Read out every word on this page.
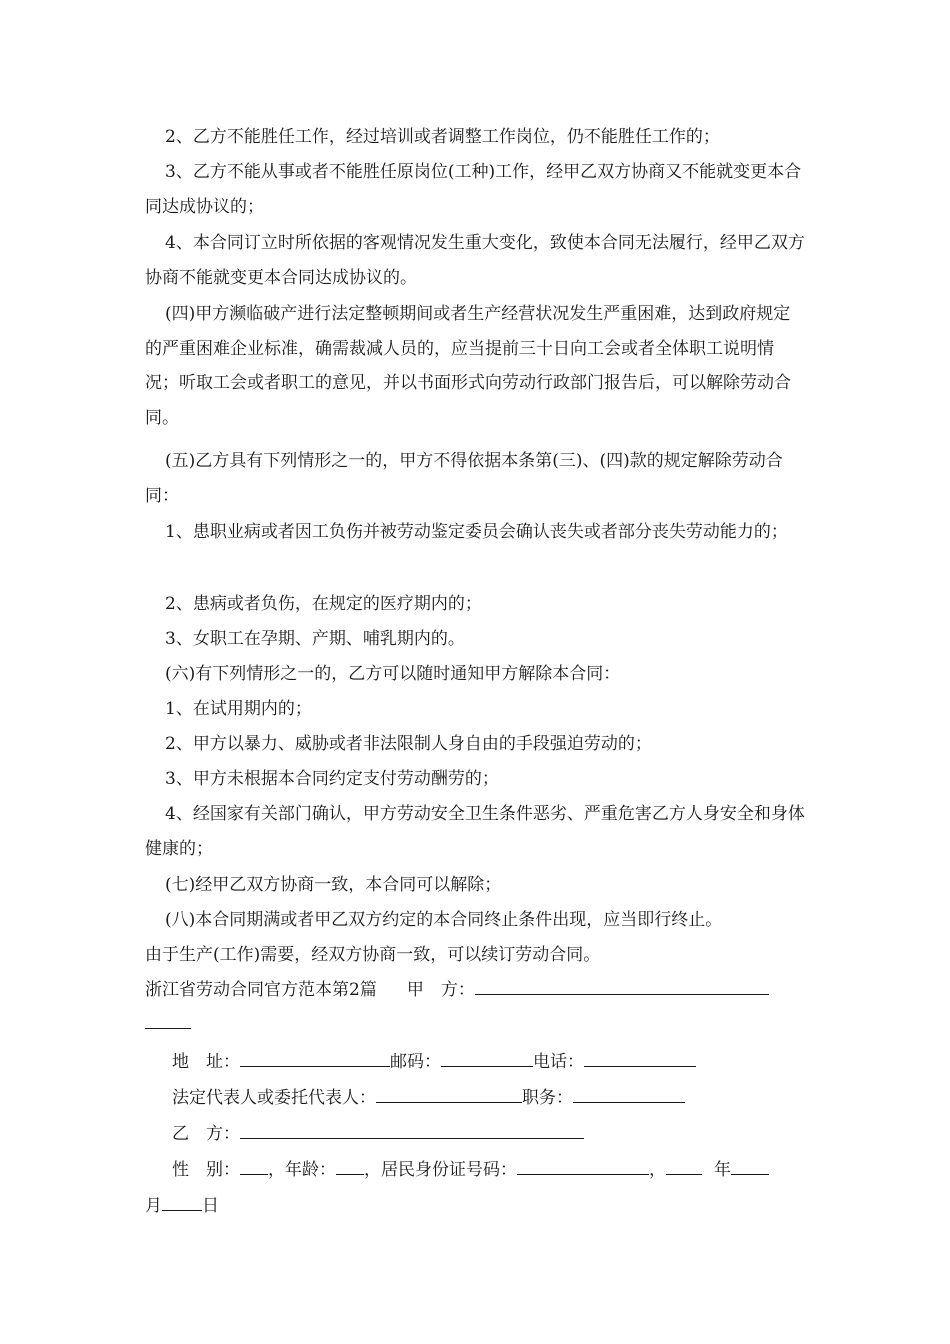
2、乙方不能胜任工作，经过培训或者调整工作岗位，仍不能胜任工作的；

3、乙方不能从事或者不能胜任原岗位(工种)工作，经甲乙双方协商又不能就变更本合同达成协议的；

4、本合同订立时所依据的客观情况发生重大变化，致使本合同无法履行，经甲乙双方协商不能就变更本合同达成协议的。

(四)甲方濒临破产进行法定整顿期间或者生产经营状况发生严重困难，达到政府规定的严重困难企业标准，确需裁减人员的，应当提前三十日向工会或者全体职工说明情况；听取工会或者职工的意见，并以书面形式向劳动行政部门报告后，可以解除劳动合同。

(五)乙方具有下列情形之一的，甲方不得依据本条第(三)、(四)款的规定解除劳动合同：

1、患职业病或者因工负伤并被劳动鉴定委员会确认丧失或者部分丧失劳动能力的；

2、患病或者负伤，在规定的医疗期内的；

3、女职工在孕期、产期、哺乳期内的。

(六)有下列情形之一的，乙方可以随时通知甲方解除本合同：

1、在试用期内的；

2、甲方以暴力、威胁或者非法限制人身自由的手段强迫劳动的；

3、甲方未根据本合同约定支付劳动酬劳的；

4、经国家有关部门确认，甲方劳动安全卫生条件恶劣、严重危害乙方人身安全和身体健康的；

(七)经甲乙双方协商一致，本合同可以解除；

(八)本合同期满或者甲乙双方约定的本合同终止条件出现，应当即行终止。

由于生产(工作)需要，经双方协商一致，可以续订劳动合同。

浙江省劳动合同官方范本第2篇 甲　方：
地　址：	邮码：	电话：
法定代表人或委托代表人：	职务：
乙　方：
性　别： ，年龄： ，居民身份证号码：	，	年
月 日
